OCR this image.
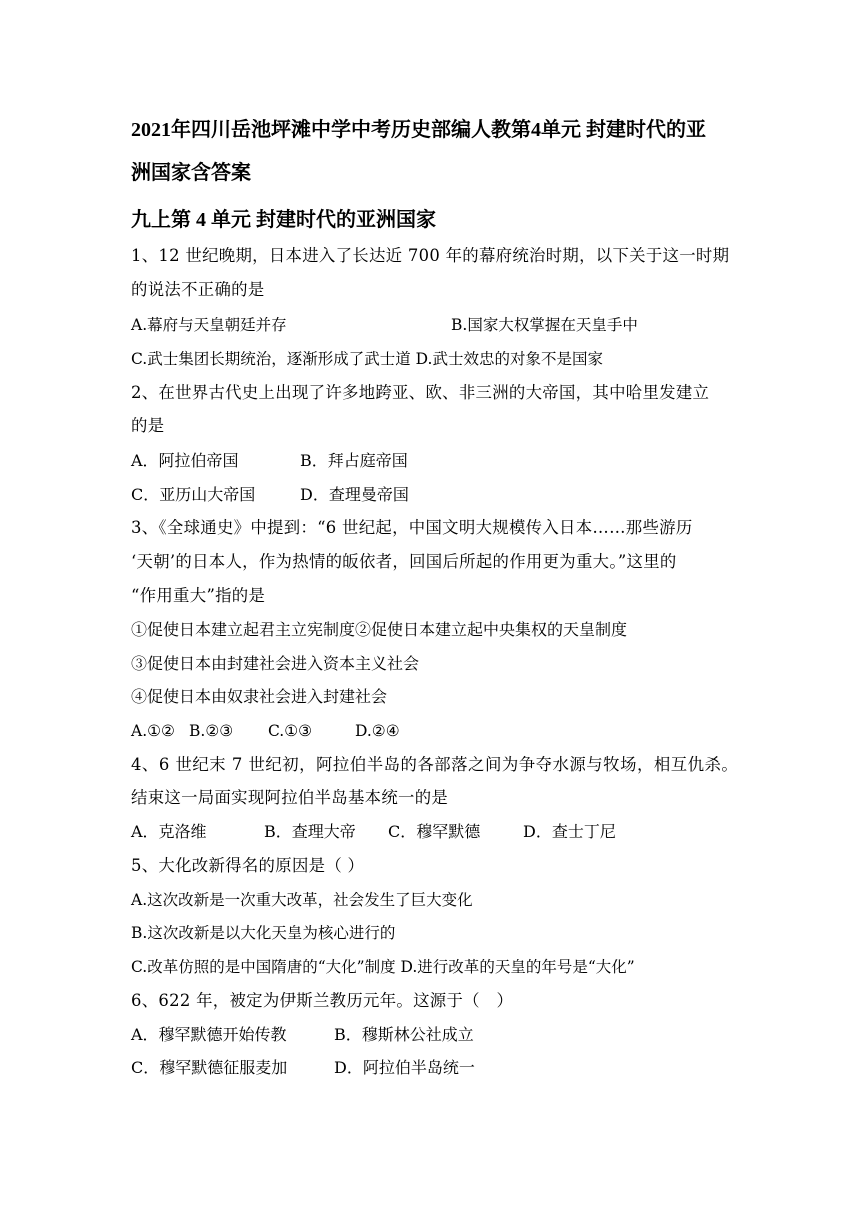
2021年四川岳池坪滩中学中考历史部编人教第4单元 封建时代的亚
洲国家含答案
九上第 4 单元 封建时代的亚洲国家
1、12 世纪晚期，日本进入了长达近 700 年的幕府统治时期，以下关于这一时期
的说法不正确的是
A.幕府与天皇朝廷并存	B.国家大权掌握在天皇手中
C.武士集团长期统治，逐渐形成了武士道 D.武士效忠的对象不是国家
2、在世界古代史上出现了许多地跨亚、欧、非三洲的大帝国，其中哈里发建立
的是
A．阿拉伯帝国	B．拜占庭帝国
C．亚历山大帝国	D．查理曼帝国
3、《全球通史》中提到：“6 世纪起，中国文明大规模传入日本……那些游历
‘天朝’的日本人，作为热情的皈依者，回国后所起的作用更为重大。”这里的
“作用重大”指的是
①促使日本建立起君主立宪制度②促使日本建立起中央集权的天皇制度
③促使日本由封建社会进入资本主义社会
④促使日本由奴隶社会进入封建社会
A.①② B.②③ C.①③	D.②④
4、6 世纪末 7 世纪初，阿拉伯半岛的各部落之间为争夺水源与牧场，相互仇杀。
结束这一局面实现阿拉伯半岛基本统一的是
A．克洛维	B．查理大帝 C．穆罕默德	D．查士丁尼
5、大化改新得名的原因是（ ）
A.这次改新是一次重大改革，社会发生了巨大变化
B.这次改新是以大化天皇为核心进行的
C.改革仿照的是中国隋唐的“大化”制度 D.进行改革的天皇的年号是“大化”
6、622 年，被定为伊斯兰教历元年。这源于（　）
A．穆罕默德开始传教	B．穆斯林公社成立
C．穆罕默德征服麦加	D．阿拉伯半岛统一
